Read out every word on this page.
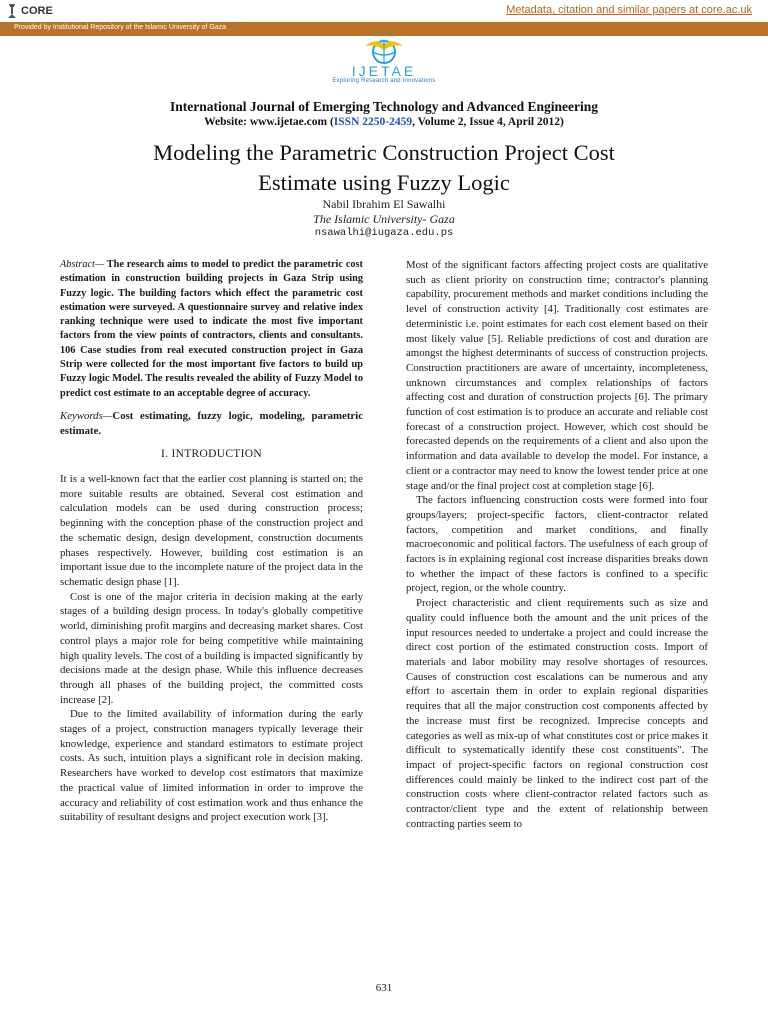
CORE	Metadata, citation and similar papers at core.ac.uk
Provided by Institutional Repository of the Islamic University of Gaza
IJETAE
Exploring Research and Innovations
International Journal of Emerging Technology and Advanced Engineering
Website: www.ijetae.com (ISSN 2250-2459, Volume 2, Issue 4, April 2012)
Modeling the Parametric Construction Project Cost
Estimate using Fuzzy Logic
Nabil Ibrahim El Sawalhi
The Islamic University- Gaza
nsawalhi@iugaza.edu.ps

Abstract— The research aims to model to predict the parametric cost estimation in construction building projects in Gaza Strip using Fuzzy logic. The building factors which effect the parametric cost estimation were surveyed. A questionnaire survey and relative index ranking technique were used to indicate the most five important factors from the view points of contractors, clients and consultants. 106 Case studies from real executed construction project in Gaza Strip were collected for the most important five factors to build up Fuzzy logic Model. The results revealed the ability of Fuzzy Model to predict cost estimate to an acceptable degree of accuracy.

Keywords—Cost estimating, fuzzy logic, modeling, parametric estimate.

I. INTRODUCTION

It is a well-known fact that the earlier cost planning is started on; the more suitable results are obtained. Several cost estimation and calculation models can be used during construction process; beginning with the conception phase of the construction project and the schematic design, design development, construction documents phases respectively. However, building cost estimation is an important issue due to the incomplete nature of the project data in the schematic design phase [1].

Cost is one of the major criteria in decision making at the early stages of a building design process. In today's globally competitive world, diminishing profit margins and decreasing market shares. Cost control plays a major role for being competitive while maintaining high quality levels. The cost of a building is impacted significantly by decisions made at the design phase. While this influence decreases through all phases of the building project, the committed costs increase [2].

Due to the limited availability of information during the early stages of a project, construction managers typically leverage their knowledge, experience and standard estimators to estimate project costs. As such, intuition plays a significant role in decision making. Researchers have worked to develop cost estimators that maximize the practical value of limited information in order to improve the accuracy and reliability of cost estimation work and thus enhance the suitability of resultant designs and project execution work [3].

Most of the significant factors affecting project costs are qualitative such as client priority on construction time; contractor's planning capability, procurement methods and market conditions including the level of construction activity [4]. Traditionally cost estimates are deterministic i.e. point estimates for each cost element based on their most likely value [5]. Reliable predictions of cost and duration are amongst the highest determinants of success of construction projects. Construction practitioners are aware of uncertainty, incompleteness, unknown circumstances and complex relationships of factors affecting cost and duration of construction projects [6]. The primary function of cost estimation is to produce an accurate and reliable cost forecast of a construction project. However, which cost should be forecasted depends on the requirements of a client and also upon the information and data available to develop the model. For instance, a client or a contractor may need to know the lowest tender price at one stage and/or the final project cost at completion stage [6].

The factors influencing construction costs were formed into four groups/layers; project-specific factors, client-contractor related factors, competition and market conditions, and finally macroeconomic and political factors. The usefulness of each group of factors is in explaining regional cost increase disparities breaks down to whether the impact of these factors is confined to a specific project, region, or the whole country.

Project characteristic and client requirements such as size and quality could influence both the amount and the unit prices of the input resources needed to undertake a project and could increase the direct cost portion of the estimated construction costs. Import of materials and labor mobility may resolve shortages of resources. Causes of construction cost escalations can be numerous and any effort to ascertain them in order to explain regional disparities requires that all the major construction cost components affected by the increase must first be recognized. Imprecise concepts and categories as well as mix-up of what constitutes cost or price makes it difficult to systematically identify these cost constituents". The impact of project-specific factors on regional construction cost differences could mainly be linked to the indirect cost part of the construction costs where client-contractor related factors such as contractor/client type and the extent of relationship between contracting parties seem to

631
